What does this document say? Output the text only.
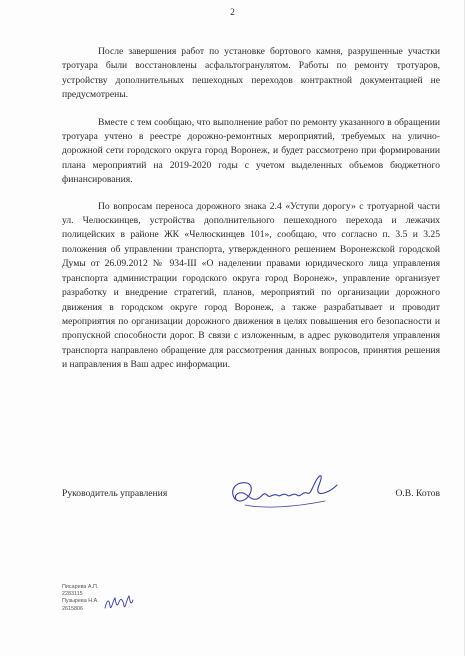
2

После завершения работ по установке бортового камня, разрушенные участки тротуара были восстановлены асфальтогранулятом. Работы по ремонту тротуаров, устройству дополнительных пешеходных переходов контрактной документацией не предусмотрены.

Вместе с тем сообщаю, что выполнение работ по ремонту указанного в обращении тротуара учтено в реестре дорожно-ремонтных мероприятий, требуемых на улично-дорожной сети городского округа город Воронеж, и будет рассмотрено при формировании плана мероприятий на 2019-2020 годы с учетом выделенных объемов бюджетного финансирования.

По вопросам переноса дорожного знака 2.4 «Уступи дорогу» с тротуарной части ул. Челюскинцев, устройства дополнительного пешеходного перехода и лежачих полицейских в районе ЖК «Челюскинцев 101», сообщаю, что согласно п. 3.5 и 3.25 положения об управлении транспорта, утвержденного решением Воронежской городской Думы от 26.09.2012 № 934-III «О наделении правами юридического лица управления транспорта администрации городского округа город Воронеж», управление организует разработку и внедрение стратегий, планов, мероприятий по организации дорожного движения в городском округе город Воронеж, а также разрабатывает и проводит мероприятия по организации дорожного движения в целях повышения его безопасности и пропускной способности дорог. В связи с изложенным, в адрес руководителя управления транспорта направлено обращение для рассмотрения данных вопросов, принятия решения и направления в Ваш адрес информации.

Руководитель управления	О.В. Котов
Писарева А.П.
2283115
Пузырева Н.А.
2615806
